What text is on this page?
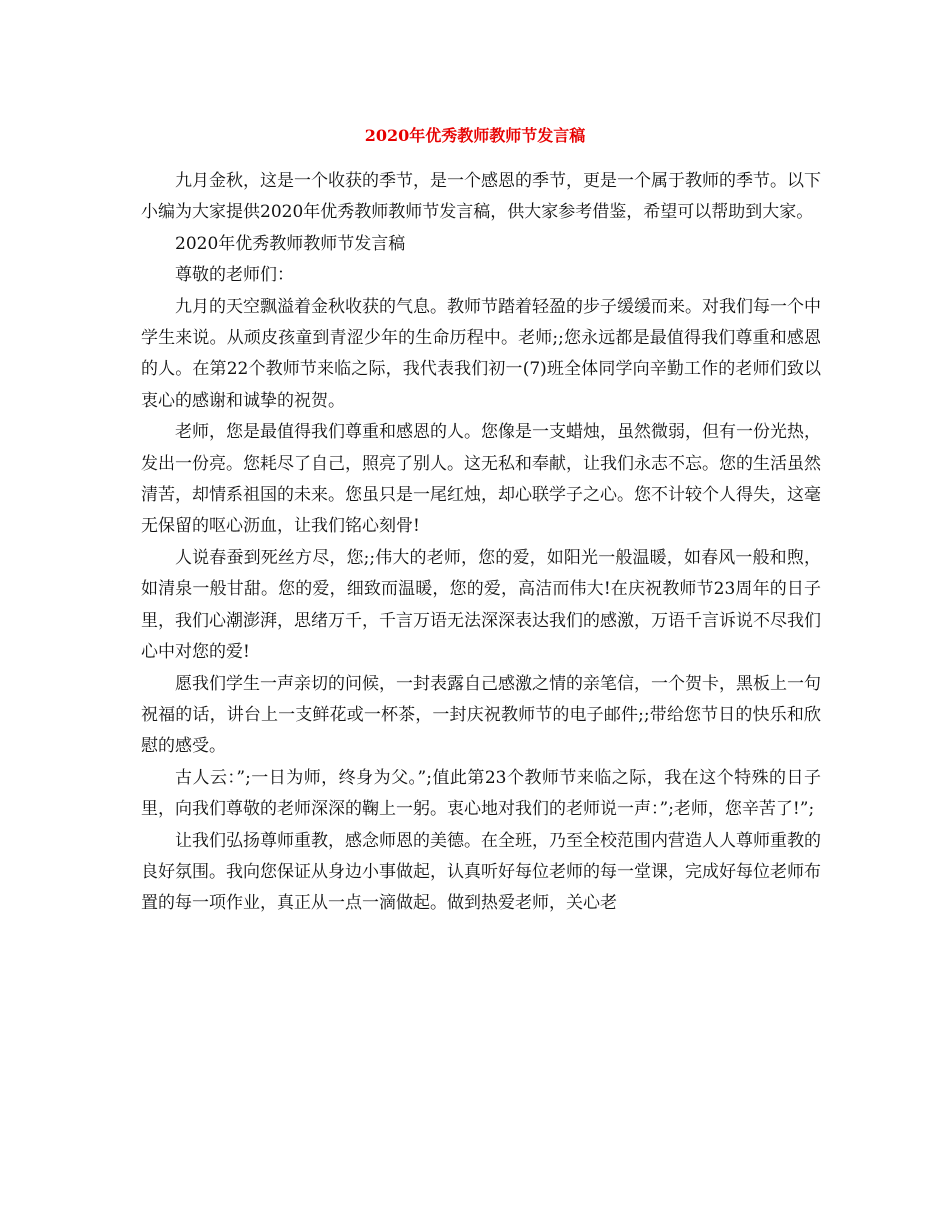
2020年优秀教师教师节发言稿

九月金秋，这是一个收获的季节，是一个感恩的季节，更是一个属于教师的季节。以下小编为大家提供2020年优秀教师教师节发言稿，供大家参考借鉴，希望可以帮助到大家。

2020年优秀教师教师节发言稿

尊敬的老师们：

九月的天空飘溢着金秋收获的气息。教师节踏着轻盈的步子缓缓而来。对我们每一个中学生来说。从顽皮孩童到青涩少年的生命历程中。老师;;您永远都是最值得我们尊重和感恩的人。在第22个教师节来临之际，我代表我们初一(7)班全体同学向辛勤工作的老师们致以衷心的感谢和诚挚的祝贺。

老师，您是最值得我们尊重和感恩的人。您像是一支蜡烛，虽然微弱，但有一份光热，发出一份亮。您耗尽了自己，照亮了别人。这无私和奉献，让我们永志不忘。您的生活虽然清苦，却情系祖国的未来。您虽只是一尾红烛，却心联学子之心。您不计较个人得失，这毫无保留的呕心沥血，让我们铭心刻骨!

人说春蚕到死丝方尽，您;;伟大的老师，您的爱，如阳光一般温暖，如春风一般和煦，如清泉一般甘甜。您的爱，细致而温暖，您的爱，高洁而伟大!在庆祝教师节23周年的日子里，我们心潮澎湃，思绪万千，千言万语无法深深表达我们的感激，万语千言诉说不尽我们心中对您的爱!

愿我们学生一声亲切的问候，一封表露自己感激之情的亲笔信，一个贺卡，黑板上一句祝福的话，讲台上一支鲜花或一杯茶，一封庆祝教师节的电子邮件;;带给您节日的快乐和欣慰的感受。

古人云：”;一日为师，终身为父。”;值此第23个教师节来临之际，我在这个特殊的日子里，向我们尊敬的老师深深的鞠上一躬。衷心地对我们的老师说一声：”;老师，您辛苦了!”;

让我们弘扬尊师重教，感念师恩的美德。在全班，乃至全校范围内营造人人尊师重教的良好氛围。我向您保证从身边小事做起，认真听好每位老师的每一堂课，完成好每位老师布置的每一项作业，真正从一点一滴做起。做到热爱老师，关心老
